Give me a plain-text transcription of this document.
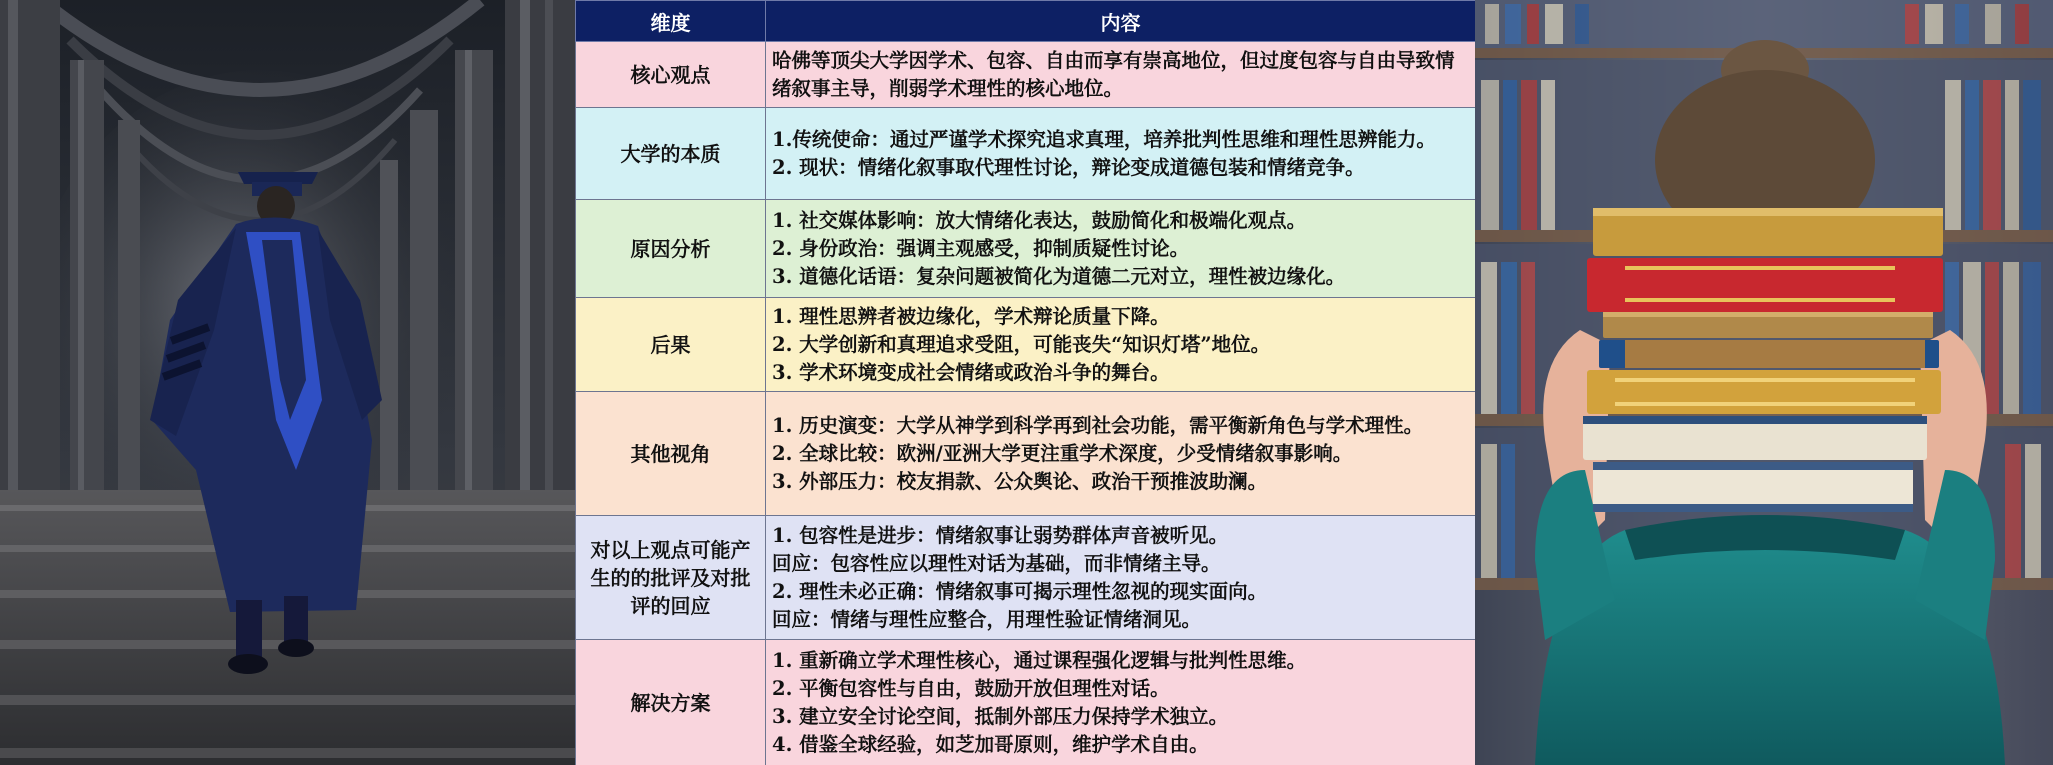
维度	内容
核心观点	哈佛等顶尖大学因学术、包容、自由而享有崇高地位，但过度包容与自由导致情绪叙事主导，削弱学术理性的核心地位。

大学的本质	1.传统使命：通过严谨学术探究追求真理，培养批判性思维和理性思辨能力。
2. 现状：情绪化叙事取代理性讨论，辩论变成道德包装和情绪竞争。

原因分析	1. 社交媒体影响：放大情绪化表达，鼓励简化和极端化观点。
2. 身份政治：强调主观感受，抑制质疑性讨论。
3. 道德化话语：复杂问题被简化为道德二元对立，理性被边缘化。

后果	1. 理性思辨者被边缘化，学术辩论质量下降。
2. 大学创新和真理追求受阻，可能丧失“知识灯塔”地位。
3. 学术环境变成社会情绪或政治斗争的舞台。

其他视角	1. 历史演变：大学从神学到科学再到社会功能，需平衡新角色与学术理性。
2. 全球比较：欧洲/亚洲大学更注重学术深度，少受情绪叙事影响。
3. 外部压力：校友捐款、公众舆论、政治干预推波助澜。

对以上观点可能产生的的批评及对批评的回应	1. 包容性是进步：情绪叙事让弱势群体声音被听见。
回应：包容性应以理性对话为基础，而非情绪主导。
2. 理性未必正确：情绪叙事可揭示理性忽视的现实面向。
回应：情绪与理性应整合，用理性验证情绪洞见。

解决方案	1. 重新确立学术理性核心，通过课程强化逻辑与批判性思维。
2. 平衡包容性与自由，鼓励开放但理性对话。
3. 建立安全讨论空间，抵制外部压力保持学术独立。
4. 借鉴全球经验，如芝加哥原则，维护学术自由。
